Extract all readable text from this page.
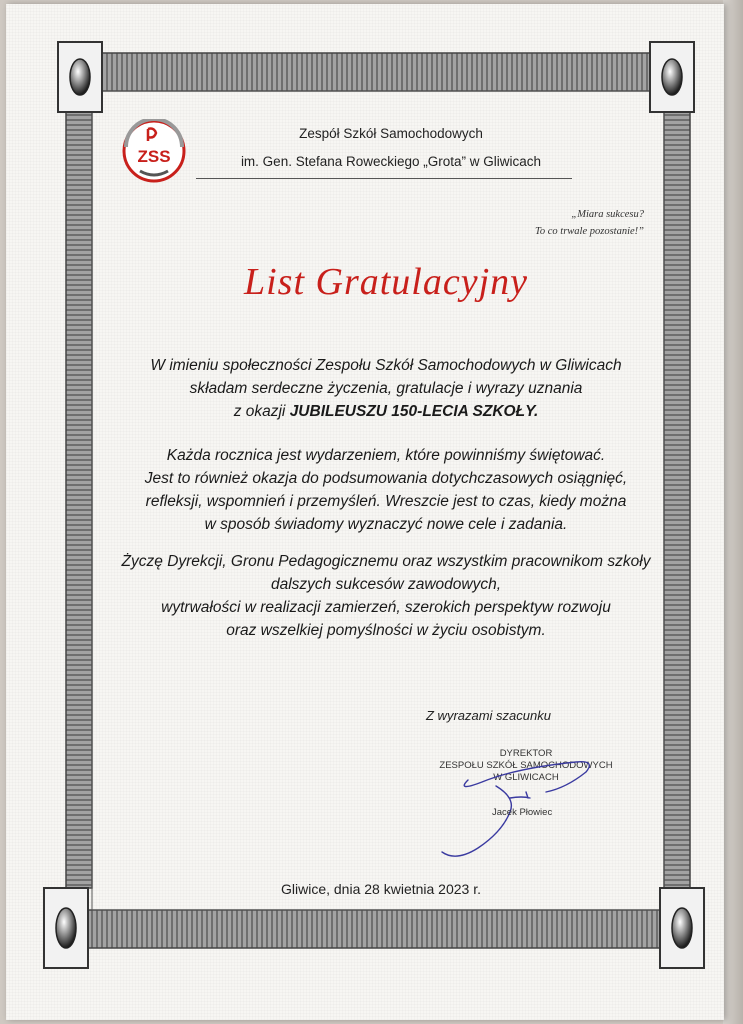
ZSS
Zespół Szkół Samochodowych
im. Gen. Stefana Roweckiego „Grota” w Gliwicach
„Miara sukcesu?
To co trwale pozostanie!”
List Gratulacyjny
W imieniu społeczności Zespołu Szkół Samochodowych w Gliwicach
składam serdeczne życzenia, gratulacje i wyrazy uznania
z okazji JUBILEUSZU 150-LECIA SZKOŁY.
Każda rocznica jest wydarzeniem, które powinniśmy świętować.
Jest to również okazja do podsumowania dotychczasowych osiągnięć,
refleksji, wspomnień i przemyśleń. Wreszcie jest to czas, kiedy można
w sposób świadomy wyznaczyć nowe cele i zadania.
Życzę Dyrekcji, Gronu Pedagogicznemu oraz wszystkim pracownikom szkoły
dalszych sukcesów zawodowych,
wytrwałości w realizacji zamierzeń, szerokich perspektyw rozwoju
oraz wszelkiej pomyślności w życiu osobistym.
Z wyrazami szacunku
DYREKTOR
ZESPOŁU SZKÓŁ SAMOCHODOWYCH
W GLIWICACH
Jacek Płowiec
Gliwice, dnia 28 kwietnia 2023 r.
